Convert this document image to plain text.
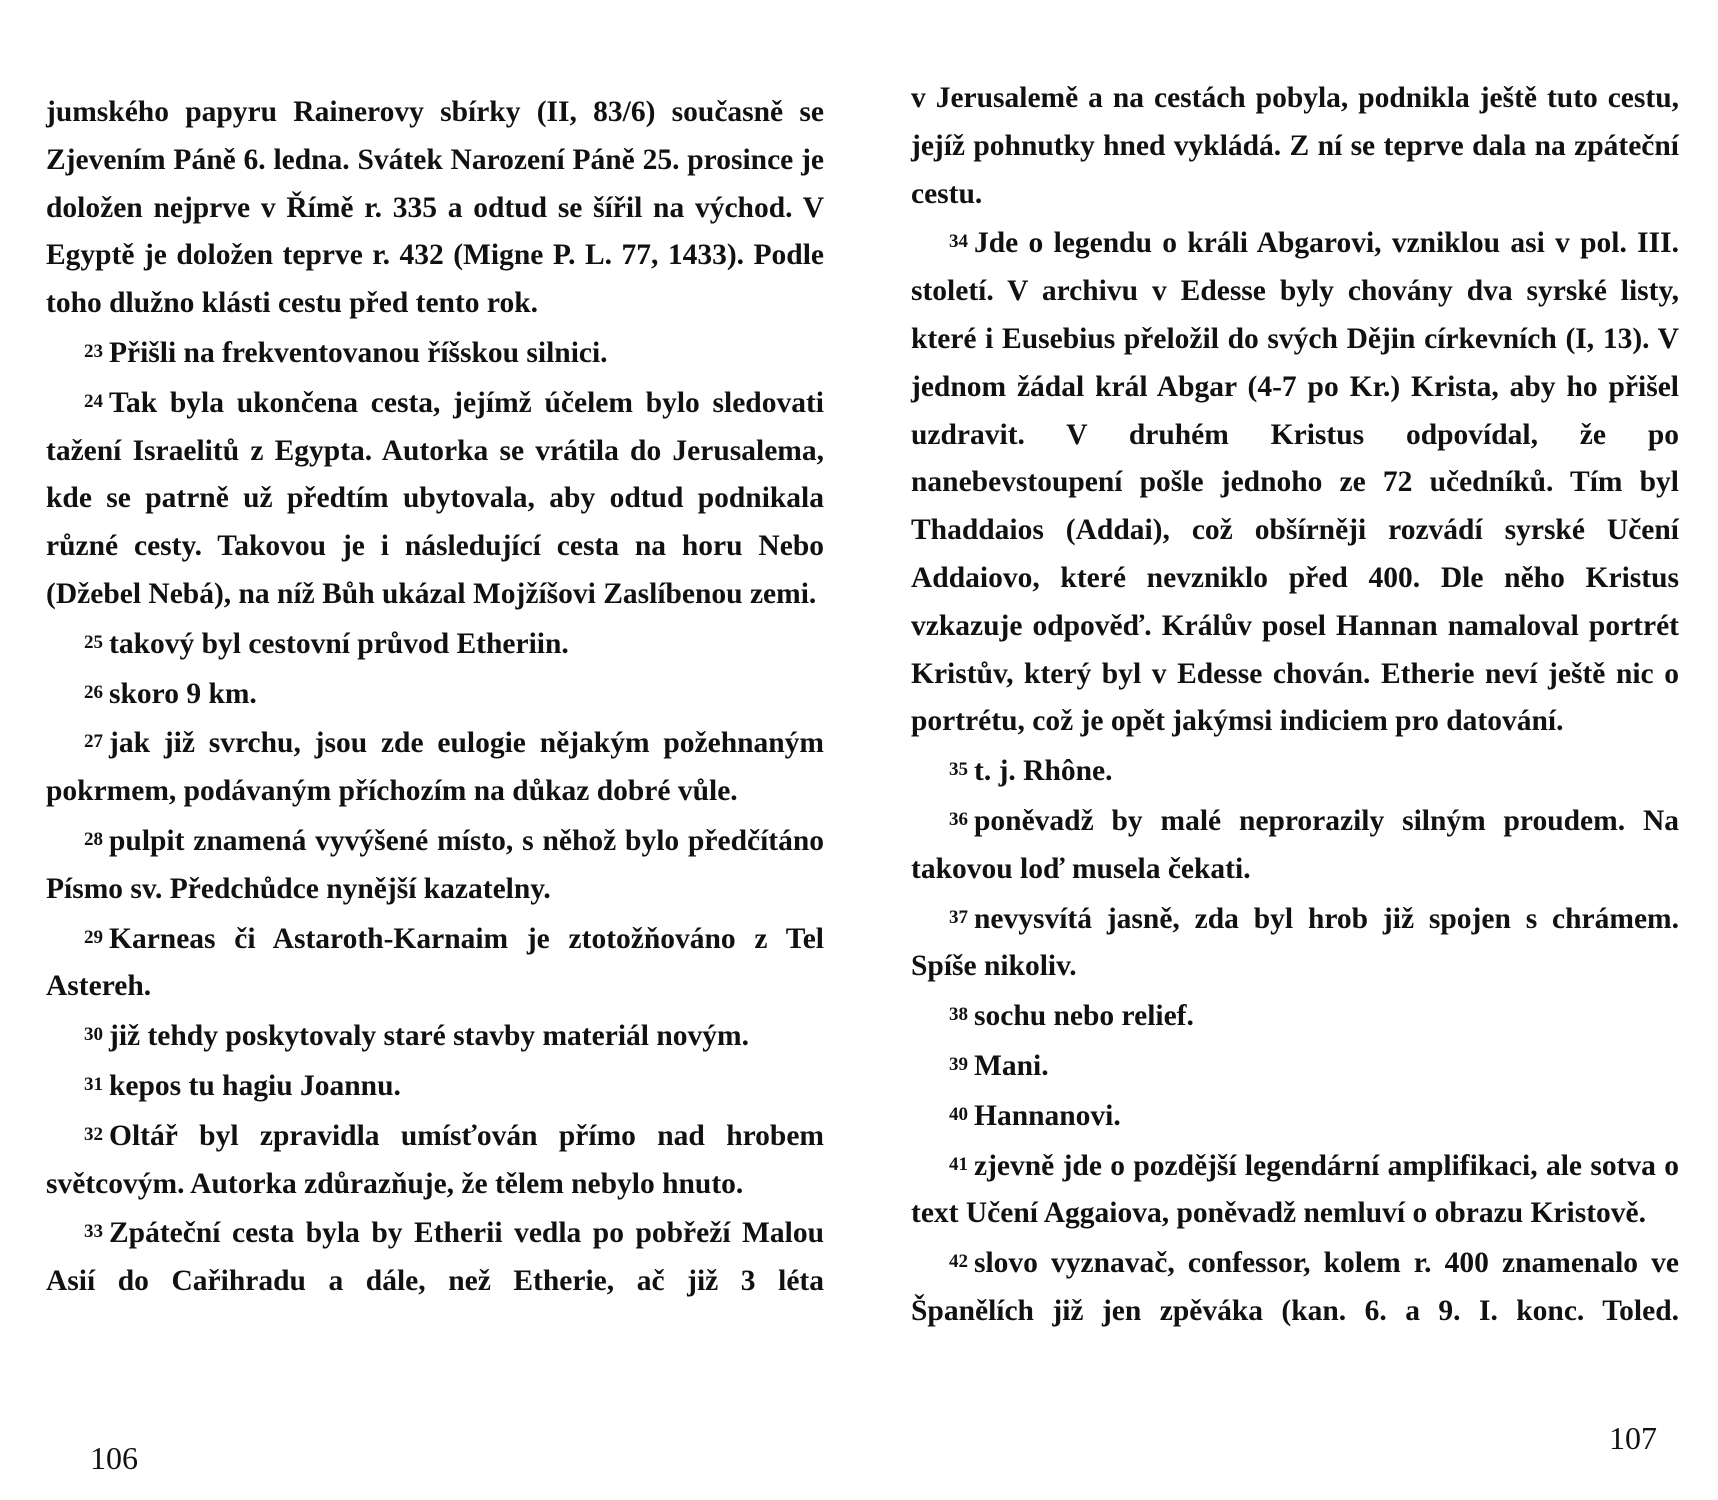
jumského papyru Rainerovy sbírky (II, 83/6) současně se Zjevením Páně 6. ledna. Svátek Narození Páně 25. prosince je doložen nejprve v Římě r. 335 a odtud se šířil na východ. V Egyptě je doložen teprve r. 432 (Migne P. L. 77, 1433). Podle toho dlužno klásti cestu před tento rok.

23 Přišli na frekventovanou říšskou silnici.

24 Tak byla ukončena cesta, jejímž účelem bylo sledovati tažení Israelitů z Egypta. Autorka se vrátila do Jerusalema, kde se patrně už předtím ubytovala, aby odtud podnikala různé cesty. Takovou je i následující cesta na horu Nebo (Džebel Nebá), na níž Bůh ukázal Mojžíšovi Zaslíbenou zemi.

25 takový byl cestovní průvod Etheriin.

26 skoro 9 km.

27 jak již svrchu, jsou zde eulogie nějakým požehnaným pokrmem, podávaným příchozím na důkaz dobré vůle.

28 pulpit znamená vyvýšené místo, s něhož bylo předčítáno Písmo sv. Předchůdce nynější kazatelny.

29 Karneas či Astaroth-Karnaim je ztotožňováno z Tel Astereh.

30 již tehdy poskytovaly staré stavby materiál novým.

31 kepos tu hagiu Joannu.

32 Oltář byl zpravidla umísťován přímo nad hrobem světcovým. Autorka zdůrazňuje, že tělem nebylo hnuto.

33 Zpáteční cesta byla by Etherii vedla po pobřeží Malou Asií do Cařihradu a dále, než Etherie, ač již 3 léta

106

v Jerusalemě a na cestách pobyla, podnikla ještě tuto cestu, jejíž pohnutky hned vykládá. Z ní se teprve dala na zpáteční cestu.

34 Jde o legendu o králi Abgarovi, vzniklou asi v pol. III. století. V archivu v Edesse byly chovány dva syrské listy, které i Eusebius přeložil do svých Dějin církevních (I, 13). V jednom žádal král Abgar (4-7 po Kr.) Krista, aby ho přišel uzdravit. V druhém Kristus odpovídal, že po nanebevstoupení pošle jednoho ze 72 učedníků. Tím byl Thaddaios (Addai), což obšírněji rozvádí syrské Učení Addaiovo, které nevzniklo před 400. Dle něho Kristus vzkazuje odpověď. Králův posel Hannan namaloval portrét Kristův, který byl v Edesse chován. Etherie neví ještě nic o portrétu, což je opět jakýmsi indiciem pro datování.

35 t. j. Rhône.

36 poněvadž by malé neprorazily silným proudem. Na takovou loď musela čekati.

37 nevysvítá jasně, zda byl hrob již spojen s chrámem. Spíše nikoliv.

38 sochu nebo relief.

39 Mani.

40 Hannanovi.

41 zjevně jde o pozdější legendární amplifikaci, ale sotva o text Učení Aggaiova, poněvadž nemluví o obrazu Kristově.

42 slovo vyznavač, confessor, kolem r. 400 znamenalo ve Španělích již jen zpěváka (kan. 6. a 9. I. konc. Toled.

107
